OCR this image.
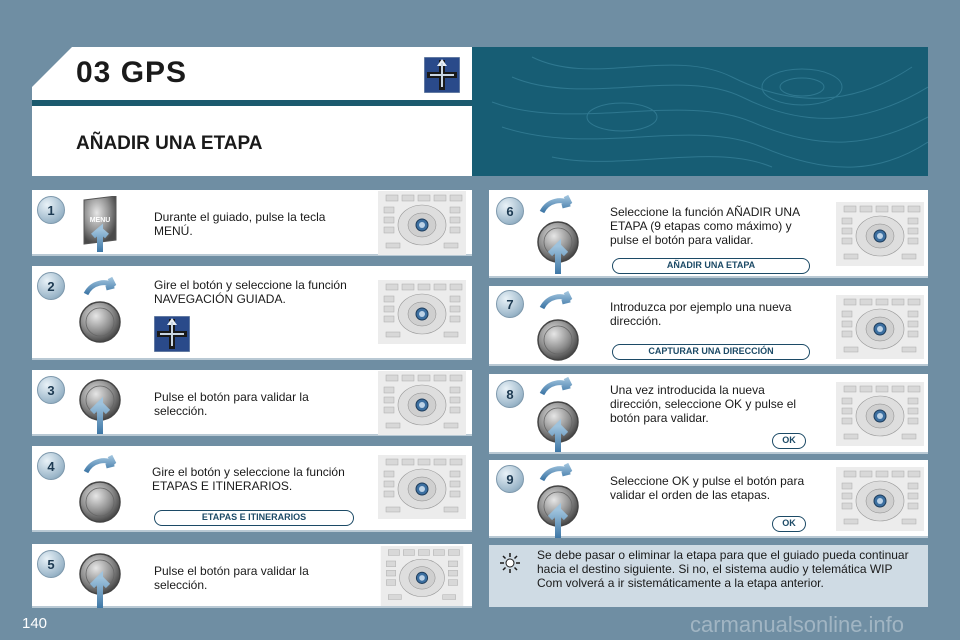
03 GPS
AÑADIR UNA ETAPA
1
MENU	Durante el guiado, pulse la tecla MENÚ.
2	Gire el botón y seleccione la función NAVEGACIÓN GUIADA.
3	Pulse el botón para validar la selección.
4	Gire el botón y seleccione la función ETAPAS E ITINERARIOS.
ETAPAS E ITINERARIOS
5	Pulse el botón para validar la selección.
6	Seleccione la función AÑADIR UNA ETAPA (9 etapas como máximo) y pulse el botón para validar.
AÑADIR UNA ETAPA
7	Introduzca por ejemplo una nueva dirección.
CAPTURAR UNA DIRECCIÓN
8	Una vez introducida la nueva dirección, seleccione OK y pulse el botón para validar.
OK
9	Seleccione OK y pulse el botón para validar el orden de las etapas.
OK
Se debe pasar o eliminar la etapa para que el guiado pueda continuar hacia el destino siguiente. Si no, el sistema audio y telemática WIP Com volverá a ir sistemáticamente a la etapa anterior.
140	carmanualsonline.info
